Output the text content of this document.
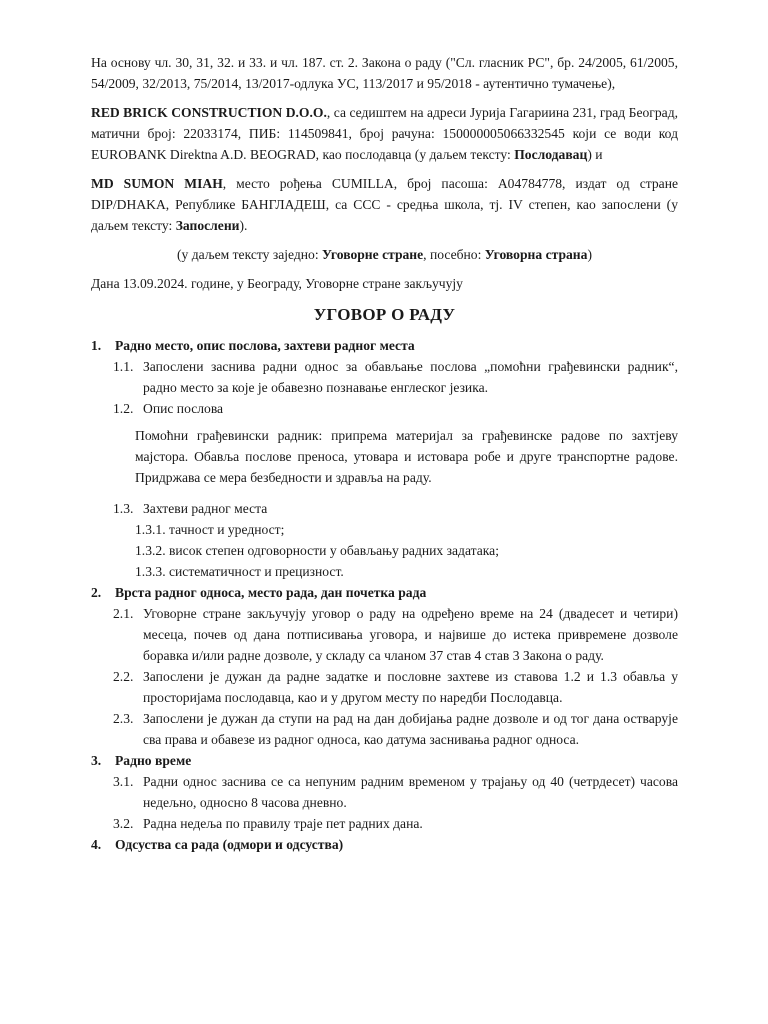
На основу чл. 30, 31, 32. и 33. и чл. 187. ст. 2. Закона о раду ("Сл. гласник РС", бр. 24/2005, 61/2005, 54/2009, 32/2013, 75/2014, 13/2017-одлука УС, 113/2017 и 95/2018 - аутентично тумачење),

RED BRICK CONSTRUCTION D.O.O., са седиштем на адреси Јурија Гагариина 231, град Београд, матични број: 22033174, ПИБ: 114509841, број рачуна: 150000005066332545 који се води код EUROBANK Direktna A.D. BEOGRAD, као послодавца (у даљем тексту: Послодавац) и

MD SUMON MIAH, место рођења CUMILLA, број пасоша: A04784778, издат од стране DIP/DHAKA, Републике БАНГЛАДЕШ, са ССС - средња школа, тј. IV степен, као запослени (у даљем тексту: Запослени).

(у даљем тексту заједно: Уговорне стране, посебно: Уговорна страна)

Дана 13.09.2024. године, у Београду, Уговорне стране закључују

УГОВОР О РАДУ
1.	Радно место, опис послова, захтеви радног места
1.1. Запослени заснива радни однос за обављање послова „помоћни грађевински радник“, радно место за које је обавезно познавање енглеског језика.
1.2. Опис послова

Помоћни грађевински радник: припрема материјал за грађевинске радове по захтјеву мајстора. Обавља послове преноса, утовара и истовара робе и друге транспортне радове. Придржава се мера безбедности и здравља на раду.

1.3. Захтеви радног места
1.3.1. тачност и уредност;
1.3.2. висок степен одговорности у обављању радних задатака;
1.3.3. систематичност и прецизност.
2.	Врста радног односа, место рада, дан почетка рада
2.1. Уговорне стране закључују уговор о раду на одређено време на 24 (двадесет и четири) месеца, почев од дана потписивања уговора, и највише до истека привремене дозволе боравка и/или радне дозволе, у складу са чланом 37 став 4 став 3 Закона о раду.
2.2. Запослени је дужан да радне задатке и пословне захтеве из ставова 1.2 и 1.3 обавља у просторијама послодавца, као и у другом месту по наредби Послодавца.
2.3. Запослени је дужан да ступи на рад на дан добијања радне дозволе и од тог дана остварује сва права и обавезе из радног односа, као датума заснивања радног односа.
3.	Радно време
3.1. Радни однос заснива се са непуним радним временом у трајању од 40 (четрдесет) часова недељно, односно 8 часова дневно.
3.2. Радна недеља по правилу траје пет радних дана.
4.	Одсуства са рада (одмори и одсуства)
